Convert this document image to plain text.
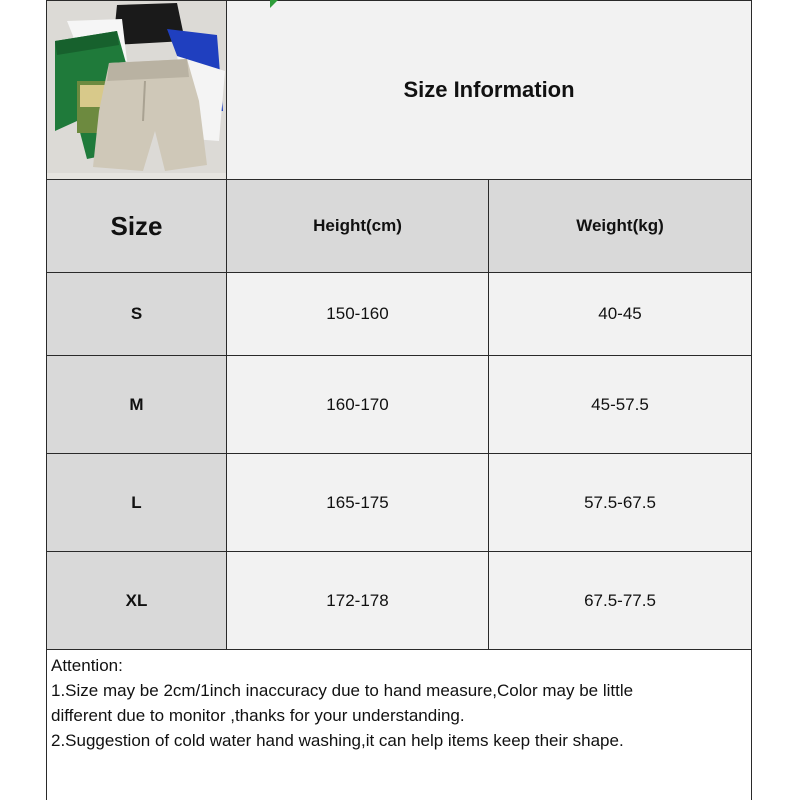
Size Information
Size	Height(cm)	Weight(kg)
S	150-160	40-45
M	160-170	45-57.5
L	165-175	57.5-67.5
XL	172-178	67.5-77.5
Attention:
1.Size may be 2cm/1inch inaccuracy due to hand measure,Color may be little
different due to monitor ,thanks for your understanding.
2.Suggestion of cold water hand washing,it can help items keep their shape.
